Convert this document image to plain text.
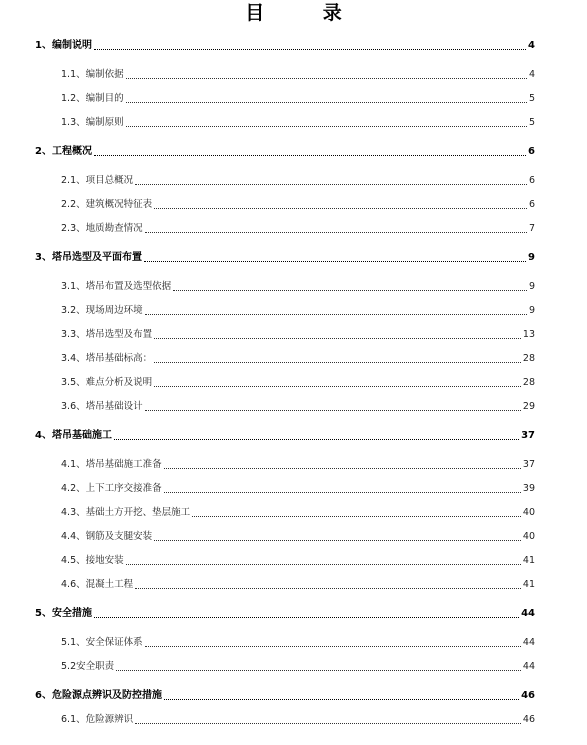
目 录
1、编制说明	4
1.1、编制依据	4
1.2、编制目的	5
1.3、编制原则	5
2、工程概况	6
2.1、项目总概况	6
2.2、建筑概况特征表	6
2.3、地质勘查情况	7
3、塔吊选型及平面布置	9
3.1、塔吊布置及选型依据	9
3.2、现场周边环境	9
3.3、塔吊选型及布置	13
3.4、塔吊基础标高：	28
3.5、难点分析及说明	28
3.6、塔吊基础设计	29
4、塔吊基础施工	37
4.1、塔吊基础施工准备	37
4.2、上下工序交接准备	39
4.3、基础土方开挖、垫层施工	40
4.4、钢筋及支腿安装	40
4.5、接地安装	41
4.6、混凝土工程	41
5、安全措施	44
5.1、安全保证体系	44
5.2安全职责	44
6、危险源点辨识及防控措施	46
6.1、危险源辨识	46
